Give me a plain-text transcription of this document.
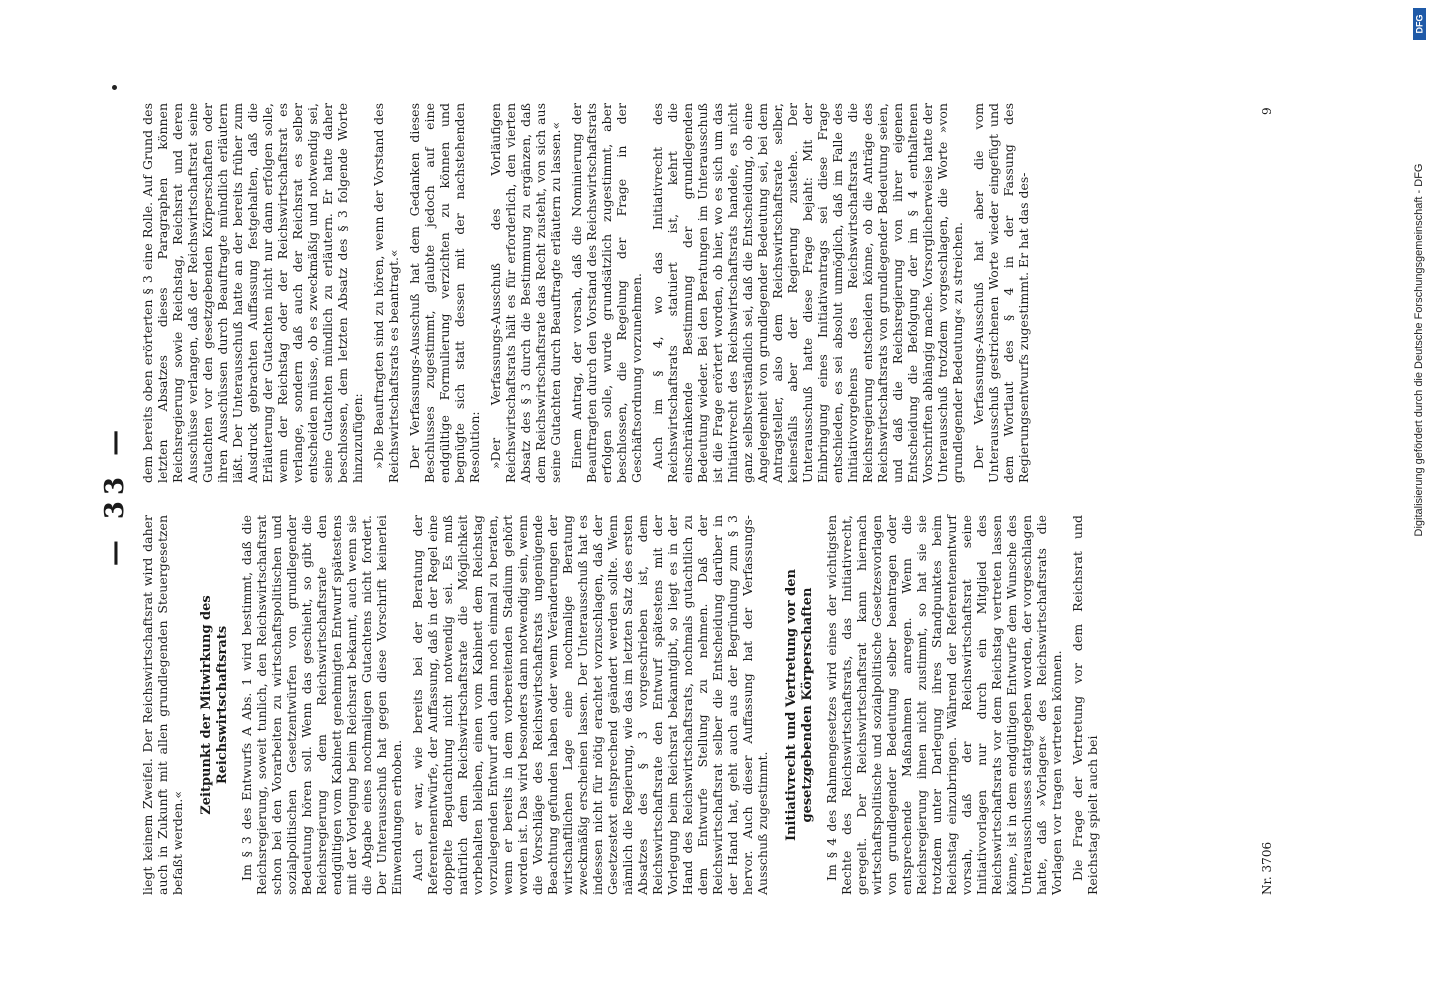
— 33 —

liegt keinem Zweifel. Der Reichswirtschaftsrat wird daher auch in Zukunft mit allen grundlegenden Steuergesetzen befaßt werden.«

Zeitpunkt der Mitwirkung des Reichswirtschaftsrats Im § 3 des Entwurfs A Abs. 1 wird bestimmt, daß die Reichsregierung, soweit tunlich, den Reichswirtschaftsrat schon bei den Vorarbeiten zu wirtschaftspolitischen und sozialpolitischen Gesetzentwürfen von grundlegender Bedeutung hören soll. Wenn das geschieht, so gibt die Reichsregierung dem Reichswirtschaftsrate den endgültigen vom Kabinett genehmigten Entwurf spätestens mit der Vorlegung beim Reichsrat bekannt, auch wenn sie die Abgabe eines nochmaligen Gutachtens nicht fordert. Der Unterausschuß hat gegen diese Vorschrift keinerlei Einwendungen erhoben. Auch er war, wie bereits bei der Beratung der Referentenentwürfe, der Auffassung, daß in der Regel eine doppelte Begutachtung nicht notwendig sei. Es muß natürlich dem Reichswirtschaftsrate die Möglichkeit vorbehalten bleiben, einen vom Kabinett dem Reichstag vorzulegenden Entwurf auch dann noch einmal zu beraten, wenn er bereits in dem vorbereitenden Stadium gehört worden ist. Das wird besonders dann notwendig sein, wenn die Vorschläge des Reichswirtschaftsrats ungenügende Beachtung gefunden haben oder wenn Veränderungen der wirtschaftlichen Lage eine nochmalige Beratung zweckmäßig erscheinen lassen. Der Unterausschuß hat es indessen nicht für nötig erachtet vorzuschlagen, daß der Gesetzestext entsprechend geändert werden sollte. Wenn nämlich die Regierung, wie das im letzten Satz des ersten Absatzes des § 3 vorgeschrieben ist, dem Reichswirtschaftsrate den Entwurf spätestens mit der Vorlegung beim Reichsrat bekanntgibt, so liegt es in der Hand des Reichswirtschaftsrats, nochmals gutachtlich zu dem Entwurfe Stellung zu nehmen. Daß der Reichswirtschaftsrat selber die Entscheidung darüber in der Hand hat, geht auch aus der Begründung zum § 3 hervor. Auch dieser Auffassung hat der Verfassungs-Ausschuß zugestimmt. Initiativrecht und Vertretung vor den gesetzgebenden Körperschaften Im § 4 des Rahmengesetzes wird eines der wichtigsten Rechte des Reichswirtschaftsrats, das Initiativrecht, geregelt. Der Reichswirtschaftsrat kann hiernach wirtschaftspolitische und sozialpolitische Gesetzesvorlagen von grundlegender Bedeutung selber beantragen oder entsprechende Maßnahmen anregen. Wenn die Reichsregierung ihnen nicht zustimmt, so hat sie sie trotzdem unter Darlegung ihres Standpunktes beim Reichstag einzubringen. Während der Referentenentwurf vorsah, daß der Reichswirtschaftsrat seine Initiativvorlagen nur durch ein Mitglied des Reichswirtschaftsrats vor dem Reichstag vertreten lassen könne, ist in dem endgültigen Entwurfe dem Wunsche des Unterausschusses stattgegeben worden, der vorgeschlagen hatte, daß »Vorlagen« des Reichswirtschaftsrats die Vorlagen vor tragen vertreten können. Die Frage der Vertretung vor dem Reichsrat und Reichstag spielt auch bei

dem bereits oben erörterten § 3 eine Rolle. Auf Grund des letzten Absatzes dieses Paragraphen können Reichsregierung sowie Reichstag, Reichsrat und deren Ausschüsse verlangen, daß der Reichswirtschaftsrat seine Gutachten vor den gesetzgebenden Körperschaften oder ihren Ausschüssen durch Beauftragte mündlich erläutern läßt. Der Unterausschuß hatte an der bereits früher zum Ausdruck gebrachten Auffassung festgehalten, daß die Erläuterung der Gutachten nicht nur dann erfolgen solle, wenn der Reichstag oder der Reichswirtschaftsrat es verlange, sondern daß auch der Reichsrat es selber entscheiden müsse, ob es zweckmäßig und notwendig sei, seine Gutachten mündlich zu erläutern. Er hatte daher beschlossen, dem letzten Absatz des § 3 folgende Worte hinzuzufügen: »Die Beauftragten sind zu hören, wenn der Vorstand des Reichswirtschaftsrats es beantragt.« Der Verfassungs-Ausschuß hat dem Gedanken dieses Beschlusses zugestimmt, glaubte jedoch auf eine endgültige Formulierung verzichten zu können und begnügte sich statt dessen mit der nachstehenden Resolution: »Der Verfassungs-Ausschuß des Vorläufigen Reichswirtschaftsrats hält es für erforderlich, den vierten Absatz des § 3 durch die Bestimmung zu ergänzen, daß dem Reichswirtschaftsrate das Recht zusteht, von sich aus seine Gutachten durch Beauftragte erläutern zu lassen.« Einem Antrag, der vorsah, daß die Nominierung der Beauftragten durch den Vorstand des Reichswirtschaftsrats erfolgen solle, wurde grundsätzlich zugestimmt, aber beschlossen, die Regelung der Frage in der Geschäftsordnung vorzunehmen. Auch im § 4, wo das Initiativrecht des Reichswirtschaftsrats statuiert ist, kehrt die einschränkende Bestimmung der grundlegenden Bedeutung wieder. Bei den Beratungen im Unterausschuß ist die Frage erörtert worden, ob hier, wo es sich um das Initiativrecht des Reichswirtschaftsrats handele, es nicht ganz selbstverständlich sei, daß die Entscheidung, ob eine Angelegenheit von grundlegender Bedeutung sei, bei dem Antragsteller, also dem Reichswirtschaftsrate selber, keinesfalls aber der Regierung zustehe. Der Unterausschuß hatte diese Frage bejaht: Mit der Einbringung eines Initiativantrags sei diese Frage entschieden, es sei absolut unmöglich, daß im Falle des Initiativvorgehens des Reichswirtschaftsrats die Reichsregierung entscheiden könne, ob die Anträge des Reichswirtschaftsrats von grundlegender Bedeutung seien, und daß die Reichsregierung von ihrer eigenen Entscheidung die Befolgung der im § 4 enthaltenen Vorschriften abhängig mache. Vorsorglicherweise hatte der Unterausschuß trotzdem vorgeschlagen, die Worte »von grundlegender Bedeutung« zu streichen. Der Verfassungs-Ausschuß hat aber die vom Unterausschuß gestrichenen Worte wieder eingefügt und dem Wortlaut des § 4 in der Fassung des Regierungsentwurfs zugestimmt. Er hat das des-

Nr. 3706
9
Digitalisierung gefördert durch die Deutsche Forschungsgemeinschaft - DFG
DFG
